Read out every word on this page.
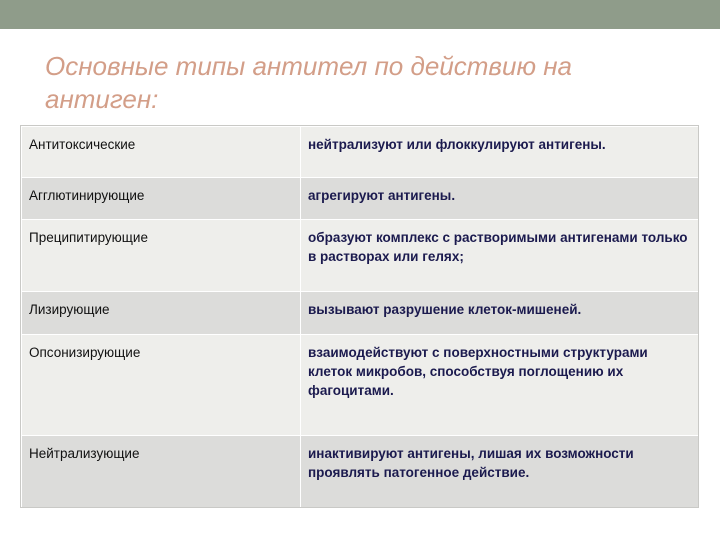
Основные типы антител по действию на антиген:
Антитоксические	нейтрализуют или флоккулируют антигены.
Агглютинирующие	агрегируют антигены.
Преципитирующие	образуют комплекс с растворимыми антигенами только в растворах или гелях;
Лизирующие	вызывают разрушение клеток-мишеней.
Опсонизирующие	взаимодействуют с поверхностными структурами клеток микробов, способствуя поглощению их фагоцитами.
Нейтрализующие	инактивируют антигены, лишая их возможности проявлять патогенное действие.
